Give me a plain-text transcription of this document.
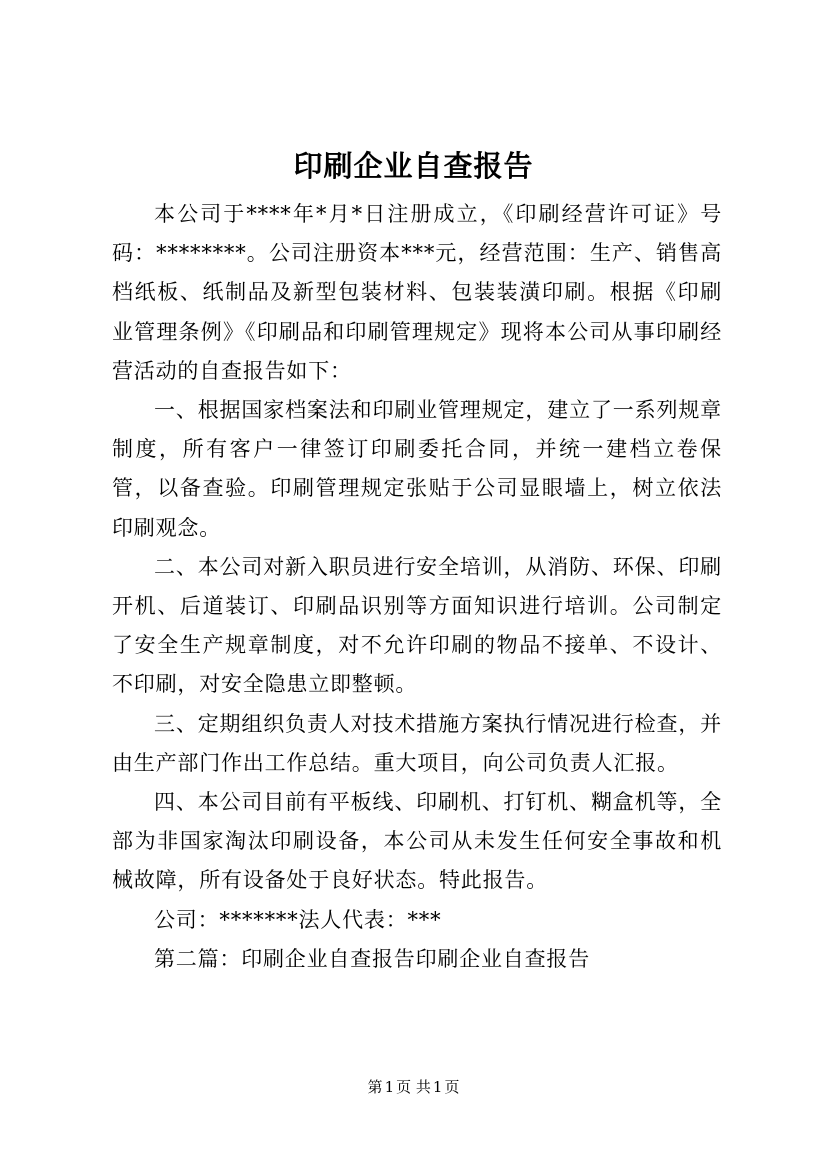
印刷企业自查报告

本公司于****年*月*日注册成立，《印刷经营许可证》号码：********。公司注册资本***元，经营范围：生产、销售高档纸板、纸制品及新型包装材料、包装装潢印刷。根据《印刷业管理条例》《印刷品和印刷管理规定》现将本公司从事印刷经营活动的自查报告如下：

一、根据国家档案法和印刷业管理规定，建立了一系列规章制度，所有客户一律签订印刷委托合同，并统一建档立卷保管，以备查验。印刷管理规定张贴于公司显眼墙上，树立依法印刷观念。

二、本公司对新入职员进行安全培训，从消防、环保、印刷开机、后道装订、印刷品识别等方面知识进行培训。公司制定了安全生产规章制度，对不允许印刷的物品不接单、不设计、不印刷，对安全隐患立即整顿。

三、定期组织负责人对技术措施方案执行情况进行检查，并由生产部门作出工作总结。重大项目，向公司负责人汇报。

四、本公司目前有平板线、印刷机、打钉机、糊盒机等，全部为非国家淘汰印刷设备，本公司从未发生任何安全事故和机械故障，所有设备处于良好状态。特此报告。

公司：*******法人代表：***

第二篇：印刷企业自查报告印刷企业自查报告

第 1 页 共 1 页
